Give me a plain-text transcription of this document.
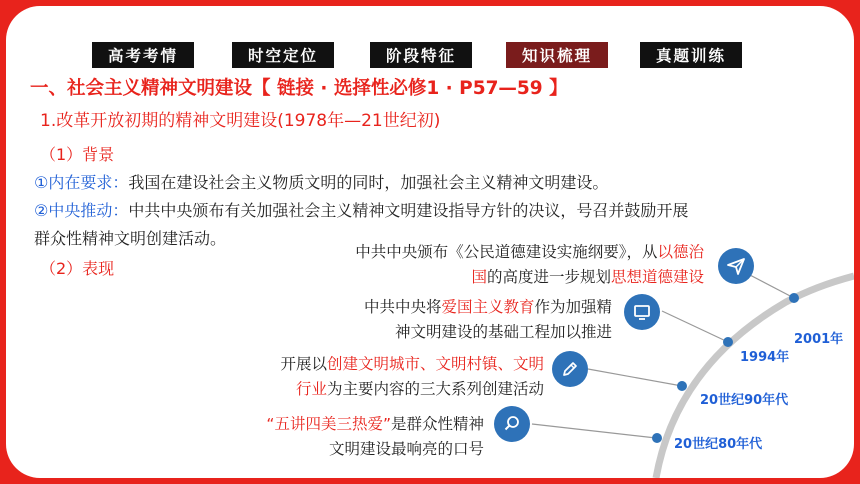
高考考情	时空定位	阶段特征	知识梳理	真题训练
一、社会主义精神文明建设【 链接 · 选择性必修1 · P57—59 】
1.改革开放初期的精神文明建设(1978年—21世纪初)
（1）背景
①内在要求：我国在建设社会主义物质文明的同时，加强社会主义精神文明建设。
②中央推动：中共中央颁布有关加强社会主义精神文明建设指导方针的决议，号召并鼓励开展
群众性精神文明创建活动。
（2）表现
中共中央颁布《公民道德建设实施纲要》，从以德治
国的高度进一步规划思想道德建设
2001年
中共中央将爱国主义教育作为加强精
神文明建设的基础工程加以推进
1994年
开展以创建文明城市、文明村镇、文明
行业为主要内容的三大系列创建活动
20世纪90年代
“五讲四美三热爱”是群众性精神
文明建设最响亮的口号	20世纪80年代
